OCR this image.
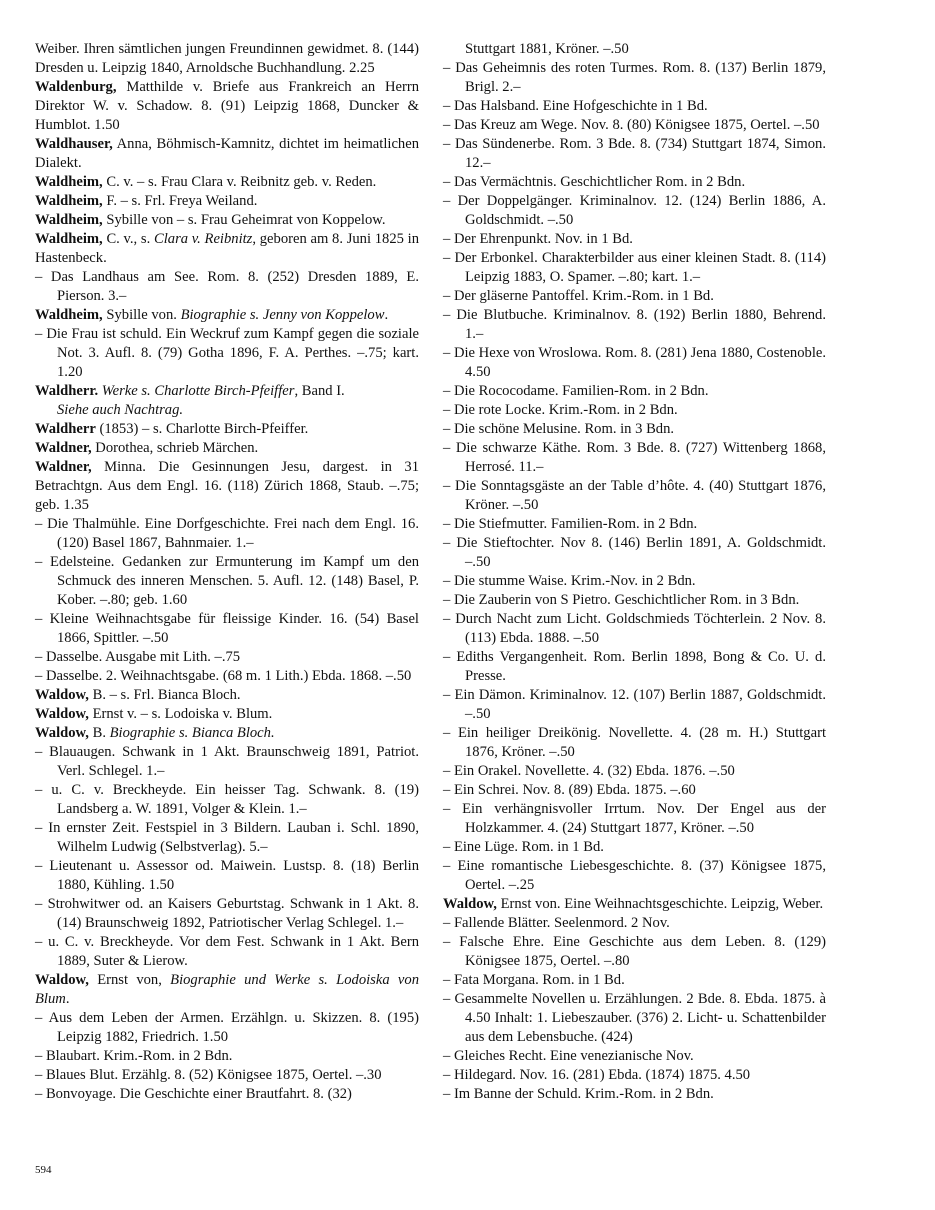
Weiber. Ihren sämtlichen jungen Freundinnen gewidmet. 8. (144) Dresden u. Leipzig 1840, Arnoldsche Buchhandlung. 2.25

Waldenburg, Matthilde v. Briefe aus Frankreich an Herrn Direktor W. v. Schadow. 8. (91) Leipzig 1868, Duncker & Humblot. 1.50

Waldhauser, Anna, Böhmisch-Kamnitz, dichtet im heimatlichen Dialekt.

Waldheim, C. v. – s. Frau Clara v. Reibnitz geb. v. Reden.

Waldheim, F. – s. Frl. Freya Weiland.

Waldheim, Sybille von – s. Frau Geheimrat von Koppelow.

Waldheim, C. v., s. Clara v. Reibnitz, geboren am 8. Juni 1825 in Hastenbeck.

– Das Landhaus am See. Rom. 8. (252) Dresden 1889, E. Pierson. 3.–

Waldheim, Sybille von. Biographie s. Jenny von Koppelow.

– Die Frau ist schuld. Ein Weckruf zum Kampf gegen die soziale Not. 3. Aufl. 8. (79) Gotha 1896, F. A. Perthes. –.75; kart. 1.20

Waldherr. Werke s. Charlotte Birch-Pfeiffer, Band I.

Siehe auch Nachtrag.

Waldherr (1853) – s. Charlotte Birch-Pfeiffer.

Waldner, Dorothea, schrieb Märchen.

Waldner, Minna. Die Gesinnungen Jesu, dargest. in 31 Betrachtgn. Aus dem Engl. 16. (118) Zürich 1868, Staub. –.75; geb. 1.35

– Die Thalmühle. Eine Dorfgeschichte. Frei nach dem Engl. 16. (120) Basel 1867, Bahnmaier. 1.–

– Edelsteine. Gedanken zur Ermunterung im Kampf um den Schmuck des inneren Menschen. 5. Aufl. 12. (148) Basel, P. Kober. –.80; geb. 1.60

– Kleine Weihnachtsgabe für fleissige Kinder. 16. (54) Basel 1866, Spittler. –.50

– Dasselbe. Ausgabe mit Lith. –.75

– Dasselbe. 2. Weihnachtsgabe. (68 m. 1 Lith.) Ebda. 1868. –.50

Waldow, B. – s. Frl. Bianca Bloch.

Waldow, Ernst v. – s. Lodoiska v. Blum.

Waldow, B. Biographie s. Bianca Bloch.

– Blauaugen. Schwank in 1 Akt. Braunschweig 1891, Patriot. Verl. Schlegel. 1.–

– u. C. v. Breckheyde. Ein heisser Tag. Schwank. 8. (19) Landsberg a. W. 1891, Volger & Klein. 1.–

– In ernster Zeit. Festspiel in 3 Bildern. Lauban i. Schl. 1890, Wilhelm Ludwig (Selbstverlag). 5.–

– Lieutenant u. Assessor od. Maiwein. Lustsp. 8. (18) Berlin 1880, Kühling. 1.50

– Strohwitwer od. an Kaisers Geburtstag. Schwank in 1 Akt. 8. (14) Braunschweig 1892, Patriotischer Verlag Schlegel. 1.–

– u. C. v. Breckheyde. Vor dem Fest. Schwank in 1 Akt. Bern 1889, Suter & Lierow.

Waldow, Ernst von, Biographie und Werke s. Lodoiska von Blum.

– Aus dem Leben der Armen. Erzählgn. u. Skizzen. 8. (195) Leipzig 1882, Friedrich. 1.50

– Blaubart. Krim.-Rom. in 2 Bdn.

– Blaues Blut. Erzählg. 8. (52) Königsee 1875, Oertel. –.30

– Bonvoyage. Die Geschichte einer Brautfahrt. 8. (32)

Stuttgart 1881, Kröner. –.50

– Das Geheimnis des roten Turmes. Rom. 8. (137) Berlin 1879, Brigl. 2.–

– Das Halsband. Eine Hofgeschichte in 1 Bd.

– Das Kreuz am Wege. Nov. 8. (80) Königsee 1875, Oertel. –.50

– Das Sündenerbe. Rom. 3 Bde. 8. (734) Stuttgart 1874, Simon. 12.–

– Das Vermächtnis. Geschichtlicher Rom. in 2 Bdn.

– Der Doppelgänger. Kriminalnov. 12. (124) Berlin 1886, A. Goldschmidt. –.50

– Der Ehrenpunkt. Nov. in 1 Bd.

– Der Erbonkel. Charakterbilder aus einer kleinen Stadt. 8. (114) Leipzig 1883, O. Spamer. –.80; kart. 1.–

– Der gläserne Pantoffel. Krim.-Rom. in 1 Bd.

– Die Blutbuche. Kriminalnov. 8. (192) Berlin 1880, Behrend. 1.–

– Die Hexe von Wroslowa. Rom. 8. (281) Jena 1880, Costenoble. 4.50

– Die Rococodame. Familien-Rom. in 2 Bdn.

– Die rote Locke. Krim.-Rom. in 2 Bdn.

– Die schöne Melusine. Rom. in 3 Bdn.

– Die schwarze Käthe. Rom. 3 Bde. 8. (727) Wittenberg 1868, Herrosé. 11.–

– Die Sonntagsgäste an der Table d’hôte. 4. (40) Stuttgart 1876, Kröner. –.50

– Die Stiefmutter. Familien-Rom. in 2 Bdn.

– Die Stieftochter. Nov 8. (146) Berlin 1891, A. Goldschmidt. –.50

– Die stumme Waise. Krim.-Nov. in 2 Bdn.

– Die Zauberin von S Pietro. Geschichtlicher Rom. in 3 Bdn.

– Durch Nacht zum Licht. Goldschmieds Töchterlein. 2 Nov. 8. (113) Ebda. 1888. –.50

– Ediths Vergangenheit. Rom. Berlin 1898, Bong & Co. U. d. Presse.

– Ein Dämon. Kriminalnov. 12. (107) Berlin 1887, Goldschmidt. –.50

– Ein heiliger Dreikönig. Novellette. 4. (28 m. H.) Stuttgart 1876, Kröner. –.50

– Ein Orakel. Novellette. 4. (32) Ebda. 1876. –.50

– Ein Schrei. Nov. 8. (89) Ebda. 1875. –.60

– Ein verhängnisvoller Irrtum. Nov. Der Engel aus der Holzkammer. 4. (24) Stuttgart 1877, Kröner. –.50

– Eine Lüge. Rom. in 1 Bd.

– Eine romantische Liebesgeschichte. 8. (37) Königsee 1875, Oertel. –.25

Waldow, Ernst von. Eine Weihnachtsgeschichte. Leipzig, Weber.

– Fallende Blätter. Seelenmord. 2 Nov.

– Falsche Ehre. Eine Geschichte aus dem Leben. 8. (129) Königsee 1875, Oertel. –.80

– Fata Morgana. Rom. in 1 Bd.

– Gesammelte Novellen u. Erzählungen. 2 Bde. 8. Ebda. 1875. à 4.50 Inhalt: 1. Liebeszauber. (376) 2. Licht- u. Schattenbilder aus dem Lebensbuche. (424)

– Gleiches Recht. Eine venezianische Nov.

– Hildegard. Nov. 16. (281) Ebda. (1874) 1875. 4.50

– Im Banne der Schuld. Krim.-Rom. in 2 Bdn.

594
